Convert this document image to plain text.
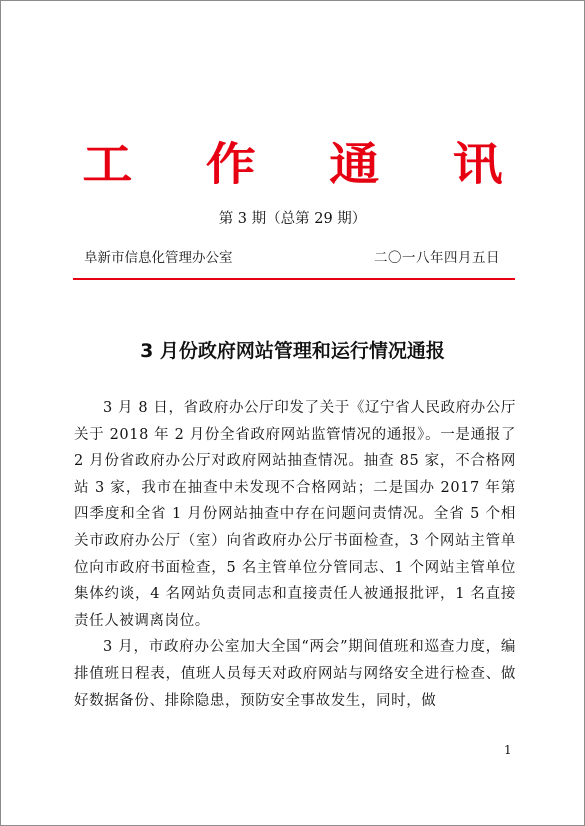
工 作 通 讯
第 3 期（总第 29 期）
阜新市信息化管理办公室	二〇一八年四月五日
3 月份政府网站管理和运行情况通报

3 月 8 日，省政府办公厅印发了关于《辽宁省人民政府办公厅关于 2018 年 2 月份全省政府网站监管情况的通报》。一是通报了 2 月份省政府办公厅对政府网站抽查情况。抽查 85 家，不合格网站 3 家，我市在抽查中未发现不合格网站；二是国办 2017 年第四季度和全省 1 月份网站抽查中存在问题问责情况。全省 5 个相关市政府办公厅（室）向省政府办公厅书面检查，3 个网站主管单位向市政府书面检查，5 名主管单位分管同志、1 个网站主管单位集体约谈，4 名网站负责同志和直接责任人被通报批评，1 名直接责任人被调离岗位。

3 月，市政府办公室加大全国“两会”期间值班和巡查力度，编排值班日程表，值班人员每天对政府网站与网络安全进行检查、做好数据备份、排除隐患，预防安全事故发生，同时，做

1
